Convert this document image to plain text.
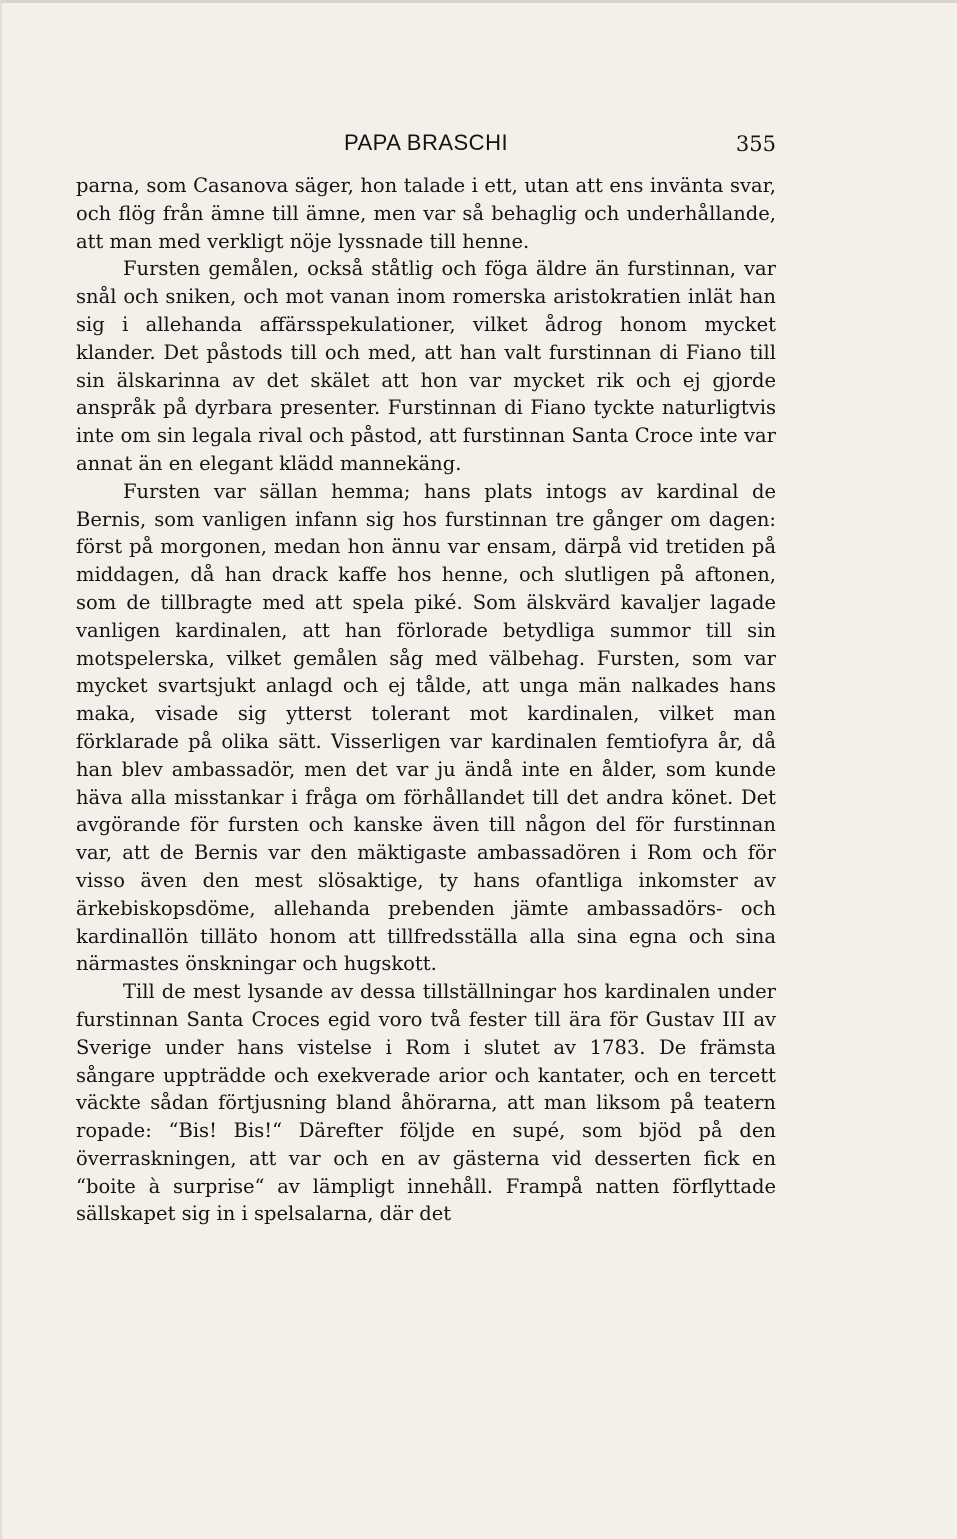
PAPA BRASCHI	355

parna, som Casanova säger, hon talade i ett, utan att ens invänta svar, och flög från ämne till ämne, men var så behaglig och underhållande, att man med verkligt nöje lyssnade till henne.

Fursten gemålen, också ståtlig och föga äldre än furstinnan, var snål och sniken, och mot vanan inom romerska aristokratien inlät han sig i allehanda affärsspekulationer, vilket ådrog honom mycket klander. Det påstods till och med, att han valt furstinnan di Fiano till sin älskarinna av det skälet att hon var mycket rik och ej gjorde anspråk på dyrbara presenter. Furstinnan di Fiano tyckte naturligtvis inte om sin legala rival och påstod, att furstinnan Santa Croce inte var annat än en elegant klädd mannekäng.

Fursten var sällan hemma; hans plats intogs av kardinal de Bernis, som vanligen infann sig hos furstinnan tre gånger om dagen: först på morgonen, medan hon ännu var ensam, därpå vid tretiden på middagen, då han drack kaffe hos henne, och slutligen på aftonen, som de tillbragte med att spela piké. Som älskvärd kavaljer lagade vanligen kardinalen, att han förlorade betydliga summor till sin motspelerska, vilket gemålen såg med välbehag. Fursten, som var mycket svartsjukt anlagd och ej tålde, att unga män nalkades hans maka, visade sig ytterst tolerant mot kardinalen, vilket man förklarade på olika sätt. Visserligen var kardinalen femtiofyra år, då han blev ambassadör, men det var ju ändå inte en ålder, som kunde häva alla misstankar i fråga om förhållandet till det andra könet. Det avgörande för fursten och kanske även till någon del för furstinnan var, att de Bernis var den mäktigaste ambassadören i Rom och för visso även den mest slösaktige, ty hans ofantliga inkomster av ärkebiskopsdöme, allehanda prebenden jämte ambassadörs- och kardinallön tilläto honom att tillfredsställa alla sina egna och sina närmastes önskningar och hugskott.

Till de mest lysande av dessa tillställningar hos kardinalen under furstinnan Santa Croces egid voro två fester till ära för Gustav III av Sverige under hans vistelse i Rom i slutet av 1783. De främsta sångare uppträdde och exekverade arior och kantater, och en tercett väckte sådan förtjusning bland åhörarna, att man liksom på teatern ropade: “Bis! Bis!“ Därefter följde en supé, som bjöd på den överraskningen, att var och en av gästerna vid desserten fick en “boite à surprise“ av lämpligt innehåll. Frampå natten förflyttade sällskapet sig in i spelsalarna, där det
